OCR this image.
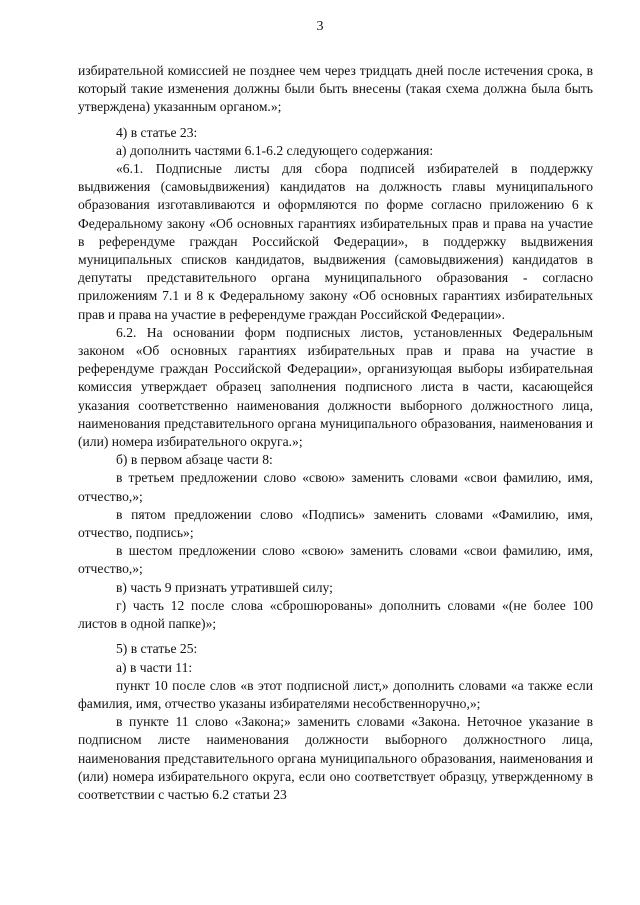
3

избирательной комиссией не позднее чем через тридцать дней после истечения срока, в который такие изменения должны были быть внесены (такая схема должна была быть утверждена) указанным органом.»;

4) в статье 23:

а) дополнить частями 6.1-6.2 следующего содержания:

«6.1. Подписные листы для сбора подписей избирателей в поддержку выдвижения (самовыдвижения) кандидатов на должность главы муниципального образования изготавливаются и оформляются по форме согласно приложению 6 к Федеральному закону «Об основных гарантиях избирательных прав и права на участие в референдуме граждан Российской Федерации», в поддержку выдвижения муниципальных списков кандидатов, выдвижения (самовыдвижения) кандидатов в депутаты представительного органа муниципального образования - согласно приложениям 7.1 и 8 к Федеральному закону «Об основных гарантиях избирательных прав и права на участие в референдуме граждан Российской Федерации».

6.2. На основании форм подписных листов, установленных Федеральным законом «Об основных гарантиях избирательных прав и права на участие в референдуме граждан Российской Федерации», организующая выборы избирательная комиссия утверждает образец заполнения подписного листа в части, касающейся указания соответственно наименования должности выборного должностного лица, наименования представительного органа муниципального образования, наименования и (или) номера избирательного округа.»;

б) в первом абзаце части 8:

в третьем предложении слово «свою» заменить словами «свои фамилию, имя, отчество,»;

в пятом предложении слово «Подпись» заменить словами «Фамилию, имя, отчество, подпись»;

в шестом предложении слово «свою» заменить словами «свои фамилию, имя, отчество,»;

в) часть 9 признать утратившей силу;

г) часть 12 после слова «сброшюрованы» дополнить словами «(не более 100 листов в одной папке)»;

5) в статье 25:

а) в части 11:

пункт 10 после слов «в этот подписной лист,» дополнить словами «а также если фамилия, имя, отчество указаны избирателями несобственноручно,»;

в пункте 11 слово «Закона;» заменить словами «Закона. Неточное указание в подписном листе наименования должности выборного должностного лица, наименования представительного органа муниципального образования, наименования и (или) номера избирательного округа, если оно соответствует образцу, утвержденному в соответствии с частью 6.2 статьи 23
